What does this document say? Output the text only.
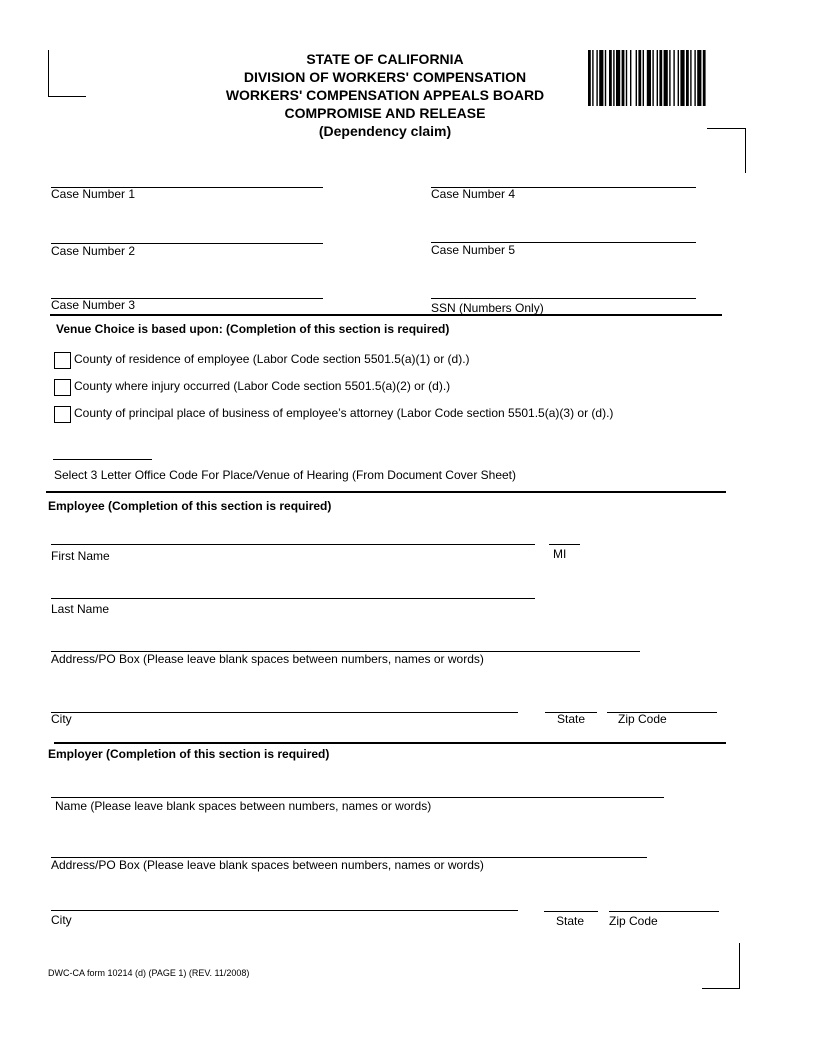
STATE OF CALIFORNIA
DIVISION OF WORKERS' COMPENSATION
WORKERS' COMPENSATION APPEALS BOARD
COMPROMISE AND RELEASE
(Dependency claim)
Case Number 1	Case Number 4
Case Number 2	Case Number 5
Case Number 3	SSN (Numbers Only)
Venue Choice is based upon: (Completion of this section is required)
County of residence of employee (Labor Code section 5501.5(a)(1) or (d).)
County where injury occurred (Labor Code section 5501.5(a)(2) or (d).)
County of principal place of business of employee’s attorney (Labor Code section 5501.5(a)(3) or (d).)
Select 3 Letter Office Code For Place/Venue of Hearing (From Document Cover Sheet)
Employee (Completion of this section is required)
First Name	MI
Last Name
Address/PO Box (Please leave blank spaces between numbers, names or words)
City	State	Zip Code
Employer (Completion of this section is required)
Name (Please leave blank spaces between numbers, names or words)
Address/PO Box (Please leave blank spaces between numbers, names or words)
City	State Zip Code
DWC-CA form 10214 (d) (PAGE 1) (REV. 11/2008)
